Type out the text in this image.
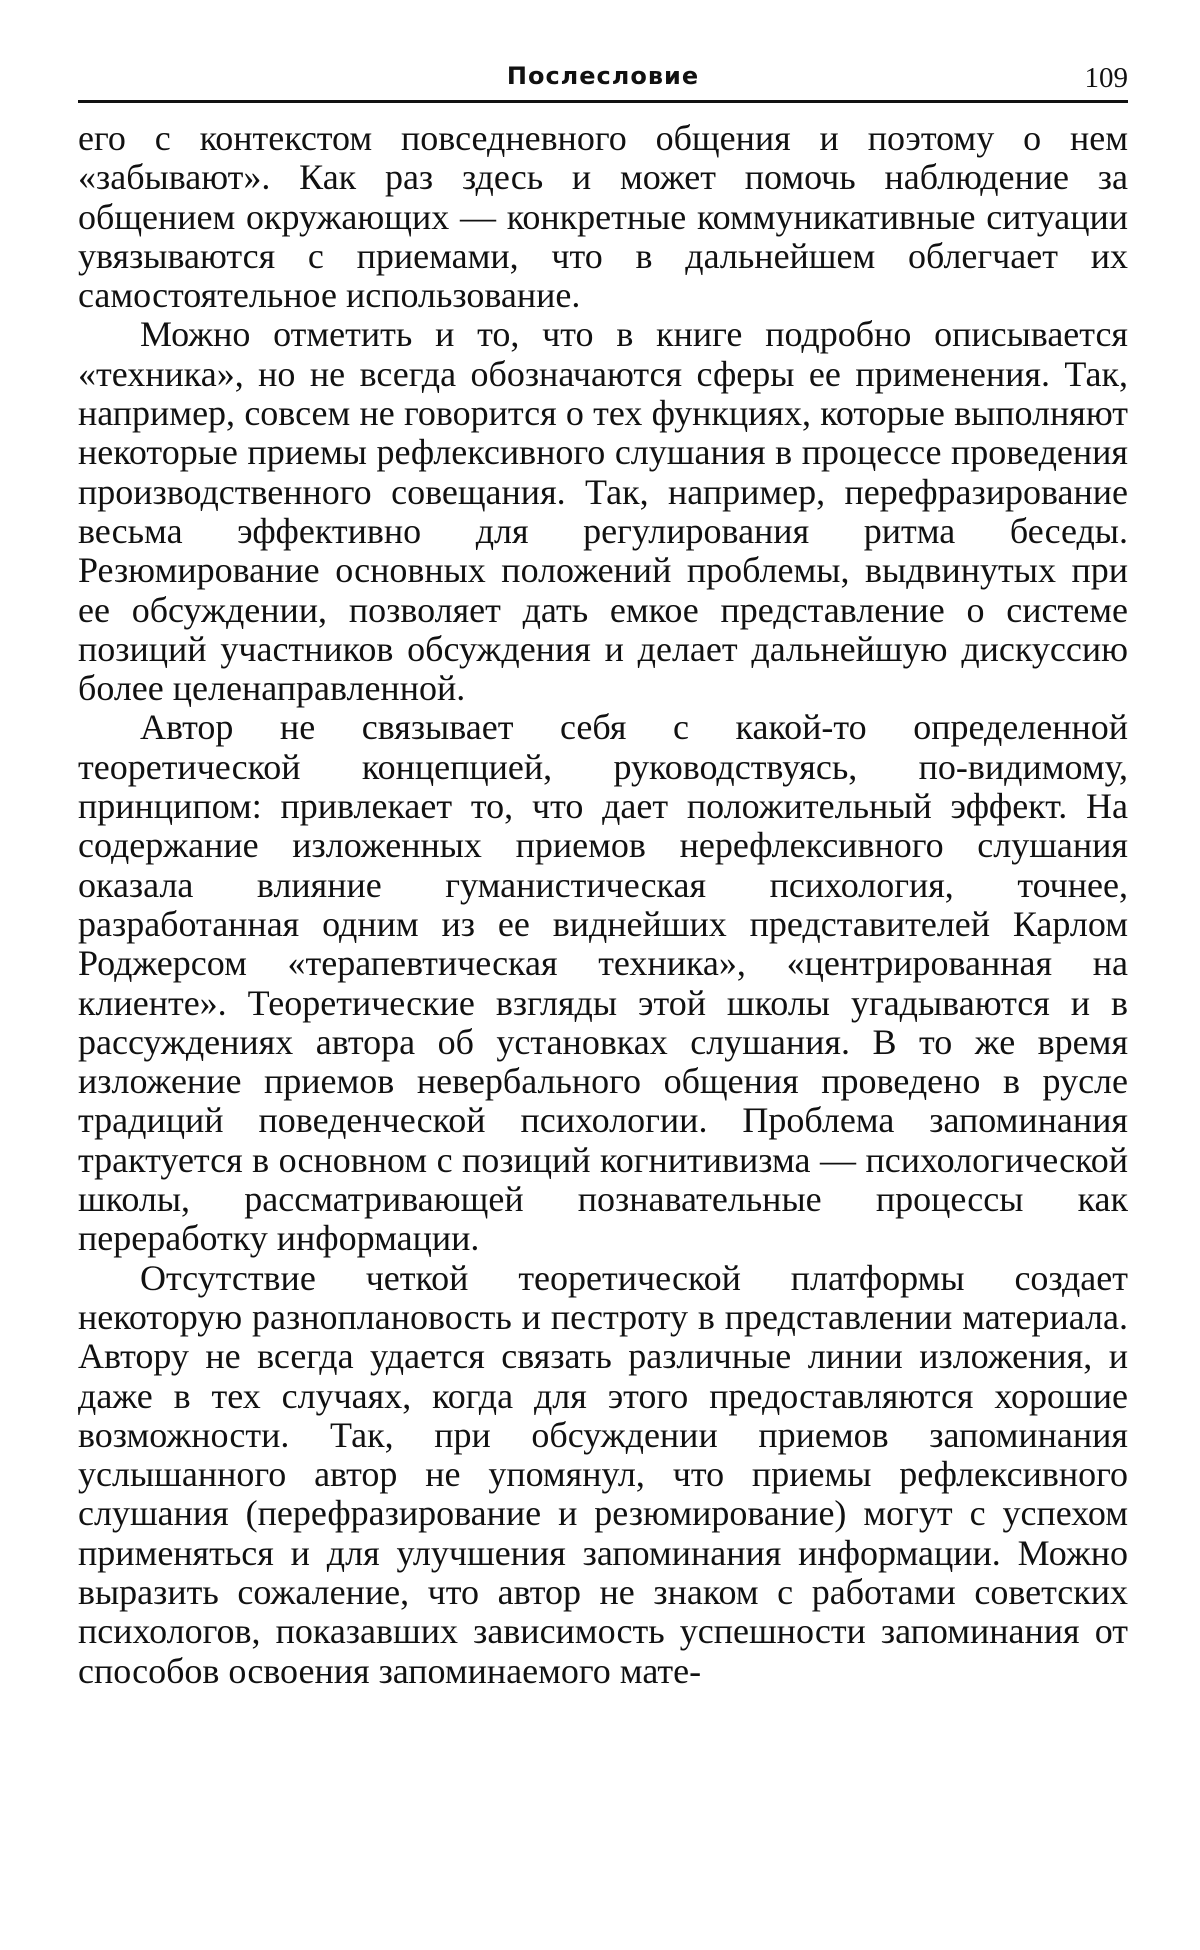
Послесловие	109

его с контекстом повседневного общения и поэтому о нем «забывают». Как раз здесь и может помочь наблюдение за общением окружающих — конкретные коммуникативные ситуации увязываются с приемами, что в дальнейшем облегчает их самостоятельное использование.

Можно отметить и то, что в книге подробно описывается «техника», но не всегда обозначаются сферы ее применения. Так, например, совсем не говорится о тех функциях, которые выполняют некоторые приемы рефлексивного слушания в процессе проведения производственного совещания. Так, например, перефразирование весьма эффективно для регулирования ритма беседы. Резюмирование основных положений проблемы, выдвинутых при ее обсуждении, позволяет дать емкое представление о системе позиций участников обсуждения и делает дальнейшую дискуссию более целенаправленной.

Автор не связывает себя с какой-то определенной теоретической концепцией, руководствуясь, по-видимому, принципом: привлекает то, что дает положительный эффект. На содержание изложенных приемов нерефлексивного слушания оказала влияние гуманистическая психология, точнее, разработанная одним из ее виднейших представителей Карлом Роджерсом «терапевтическая техника», «центрированная на клиенте». Теоретические взгляды этой школы угадываются и в рассуждениях автора об установках слушания. В то же время изложение приемов невербального общения проведено в русле традиций поведенческой психологии. Проблема запоминания трактуется в основном с позиций когнитивизма — психологической школы, рассматривающей познавательные процессы как переработку информации.

Отсутствие четкой теоретической платформы создает некоторую разноплановость и пестроту в представлении материала. Автору не всегда удается связать различные линии изложения, и даже в тех случаях, когда для этого предоставляются хорошие возможности. Так, при обсуждении приемов запоминания услышанного автор не упомянул, что приемы рефлексивного слушания (перефразирование и резюмирование) могут с успехом применяться и для улучшения запоминания информации. Можно выразить сожаление, что автор не знаком с работами советских психологов, показавших зависимость успешности запоминания от способов освоения запоминаемого мате-
